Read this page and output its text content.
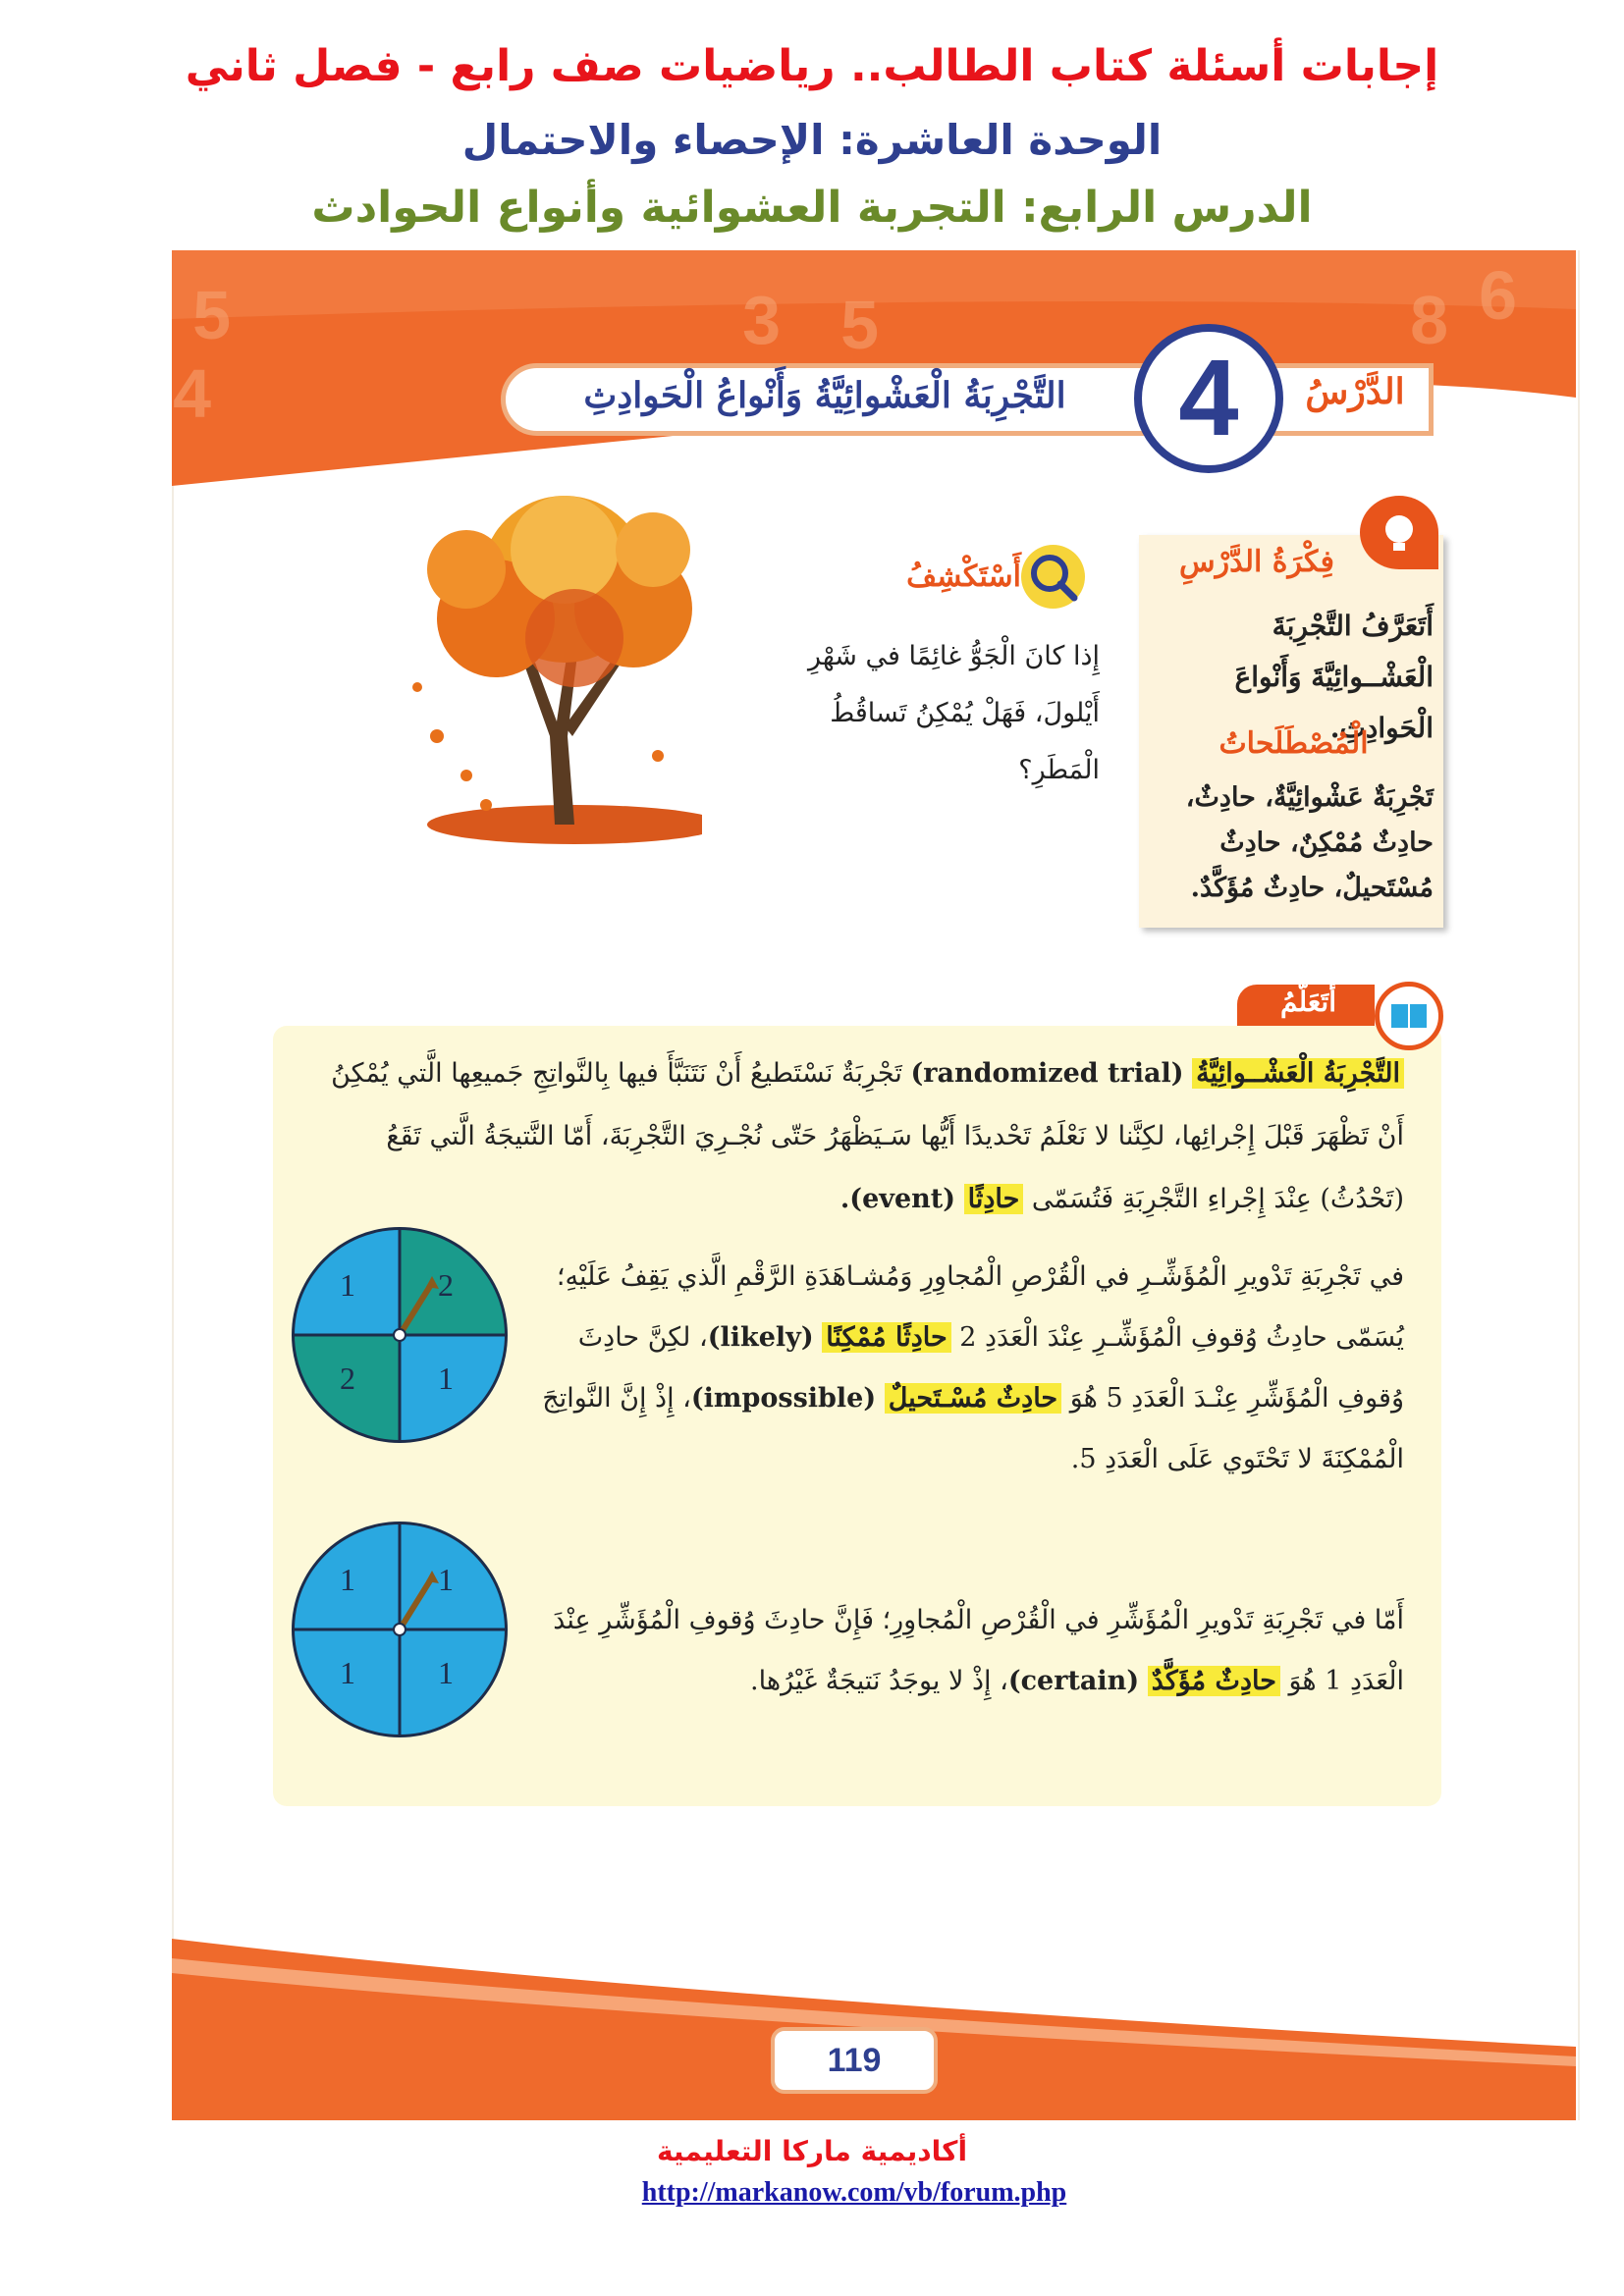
إجابات أسئلة كتاب الطالب.. رياضيات صف رابع - فصل ثاني
الوحدة العاشرة: الإحصاء والاحتمال
الدرس الرابع: التجربة العشوائية وأنواع الحوادث
5	3 5	8 6
4	التَّجْرِبَةُ الْعَشْوائِيَّةُ وَأَنْواعُ الْحَوادِثِ	الدَّرْسُ
4
أَسْتَكْشِفُ
إِذا كانَ الْجَوُّ غائِمًا في شَهْرِ أَيْلولَ، فَهَلْ يُمْكِنُ تَساقُطُ الْمَطَرِ؟
فِكْرَةُ الدَّرْسِ
أَتَعَرَّفُ التَّجْرِبَةَ الْعَشْــوائِيَّةَ وَأَنْواعَ الْحَوادِثِ.
الْمُصْطَلَحاتُ
تَجْرِبَةٌ عَشْوائِيَّةٌ، حادِثٌ، حادِثٌ مُمْكِنٌ، حادِثٌ مُسْتَحيلٌ، حادِثٌ مُؤَكَّدٌ.
أَتَعَلَّمُ
التَّجْرِبَةُ الْعَشْــوائِيَّةُ (randomized trial) تَجْرِبَةٌ نَسْتَطيعُ أَنْ نَتَنَبَّأَ فيها بِالنَّواتِجِ جَميعِها الَّتي يُمْكِنُ أَنْ تَظْهَرَ قَبْلَ إِجْرائِها، لكِنَّنا لا نَعْلَمُ تَحْديدًا أَيُّها سَـيَظْهَرُ حَتّى نُجْـرِيَ التَّجْرِبَةَ، أَمّا النَّتيجَةُ الَّتي تَقَعُ (تَحْدُثُ) عِنْدَ إِجْراءِ التَّجْرِبَةِ فَتُسَمّى حادِثًا (event).
في تَجْرِبَةِ تَدْويرِ الْمُؤَشِّـرِ في الْقُرْصِ الْمُجاوِرِ وَمُشـاهَدَةِ الرَّقْمِ الَّذي يَقِفُ عَلَيْهِ؛ يُسَمّى حادِثُ وُقوفِ الْمُؤَشِّـرِ عِنْدَ الْعَدَدِ 2 حادِثًا مُمْكِنًا (likely)، لكِنَّ حادِثَ وُقوفِ الْمُؤَشِّرِ عِنْـدَ الْعَدَدِ 5 هُوَ حادِثٌ مُسْـتَحيلٌ (impossible)، إِذْ إِنَّ النَّواتِجَ الْمُمْكِنَةَ لا تَحْتَوي عَلَى الْعَدَدِ 5.
أَمّا في تَجْرِبَةِ تَدْويرِ الْمُؤَشِّرِ في الْقُرْصِ الْمُجاوِرِ؛ فَإِنَّ حادِثَ وُقوفِ الْمُؤَشِّرِ عِنْدَ الْعَدَدِ 1 هُوَ حادِثٌ مُؤَكَّدٌ (certain)، إِذْ لا يوجَدُ نَتيجَةٌ غَيْرُها.
1	2
2	1
1	1
1	1
119
أكاديمية ماركا التعليمية
http://markanow.com/vb/forum.php
